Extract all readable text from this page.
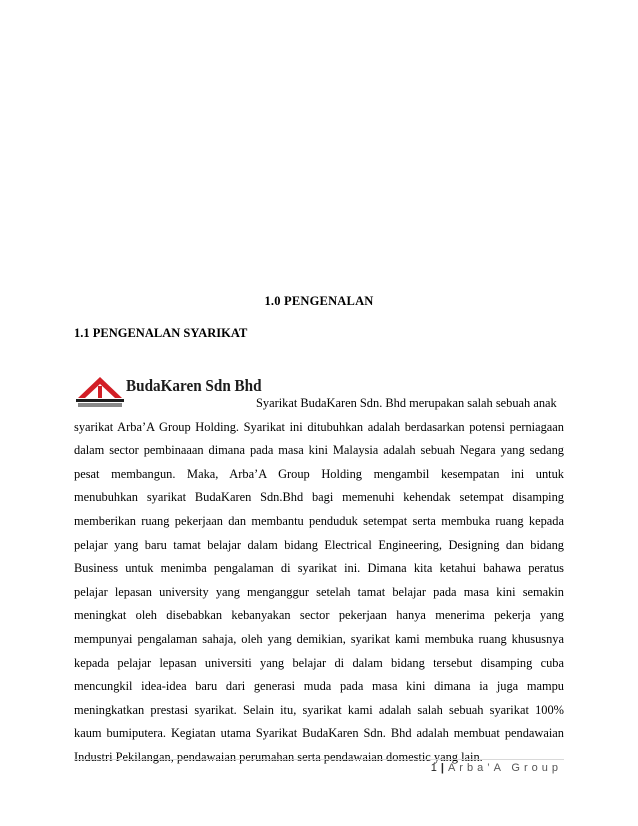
1.0 PENGENALAN
1.1 PENGENALAN SYARIKAT
BudaKaren Sdn Bhd
Syarikat BudaKaren Sdn. Bhd merupakan salah sebuah anak
syarikat Arba’A Group Holding. Syarikat ini ditubuhkan adalah berdasarkan potensi perniagaan
dalam sector pembinaaan dimana pada masa kini Malaysia adalah sebuah Negara yang sedang
pesat membangun. Maka, Arba’A Group Holding mengambil kesempatan ini untuk
menubuhkan syarikat BudaKaren Sdn.Bhd bagi memenuhi kehendak setempat disamping
memberikan ruang pekerjaan dan membantu penduduk setempat serta membuka ruang kepada
pelajar yang baru tamat belajar dalam bidang Electrical Engineering, Designing dan bidang
Business untuk menimba pengalaman di syarikat ini. Dimana kita ketahui bahawa peratus
pelajar lepasan university yang menganggur setelah tamat belajar pada masa kini semakin
meningkat oleh disebabkan kebanyakan sector pekerjaan hanya menerima pekerja yang
mempunyai pengalaman sahaja, oleh yang demikian, syarikat kami membuka ruang khususnya
kepada pelajar lepasan universiti yang belajar di dalam bidang tersebut disamping cuba
mencungkil idea-idea baru dari generasi muda pada masa kini dimana ia juga mampu
meningkatkan prestasi syarikat. Selain itu, syarikat kami adalah salah sebuah syarikat 100%
kaum bumiputera. Kegiatan utama Syarikat BudaKaren Sdn. Bhd adalah membuat pendawaian
Industri Pekilangan, pendawaian perumahan serta pendawaian domestic yang lain.
1 | Arba’A Group
